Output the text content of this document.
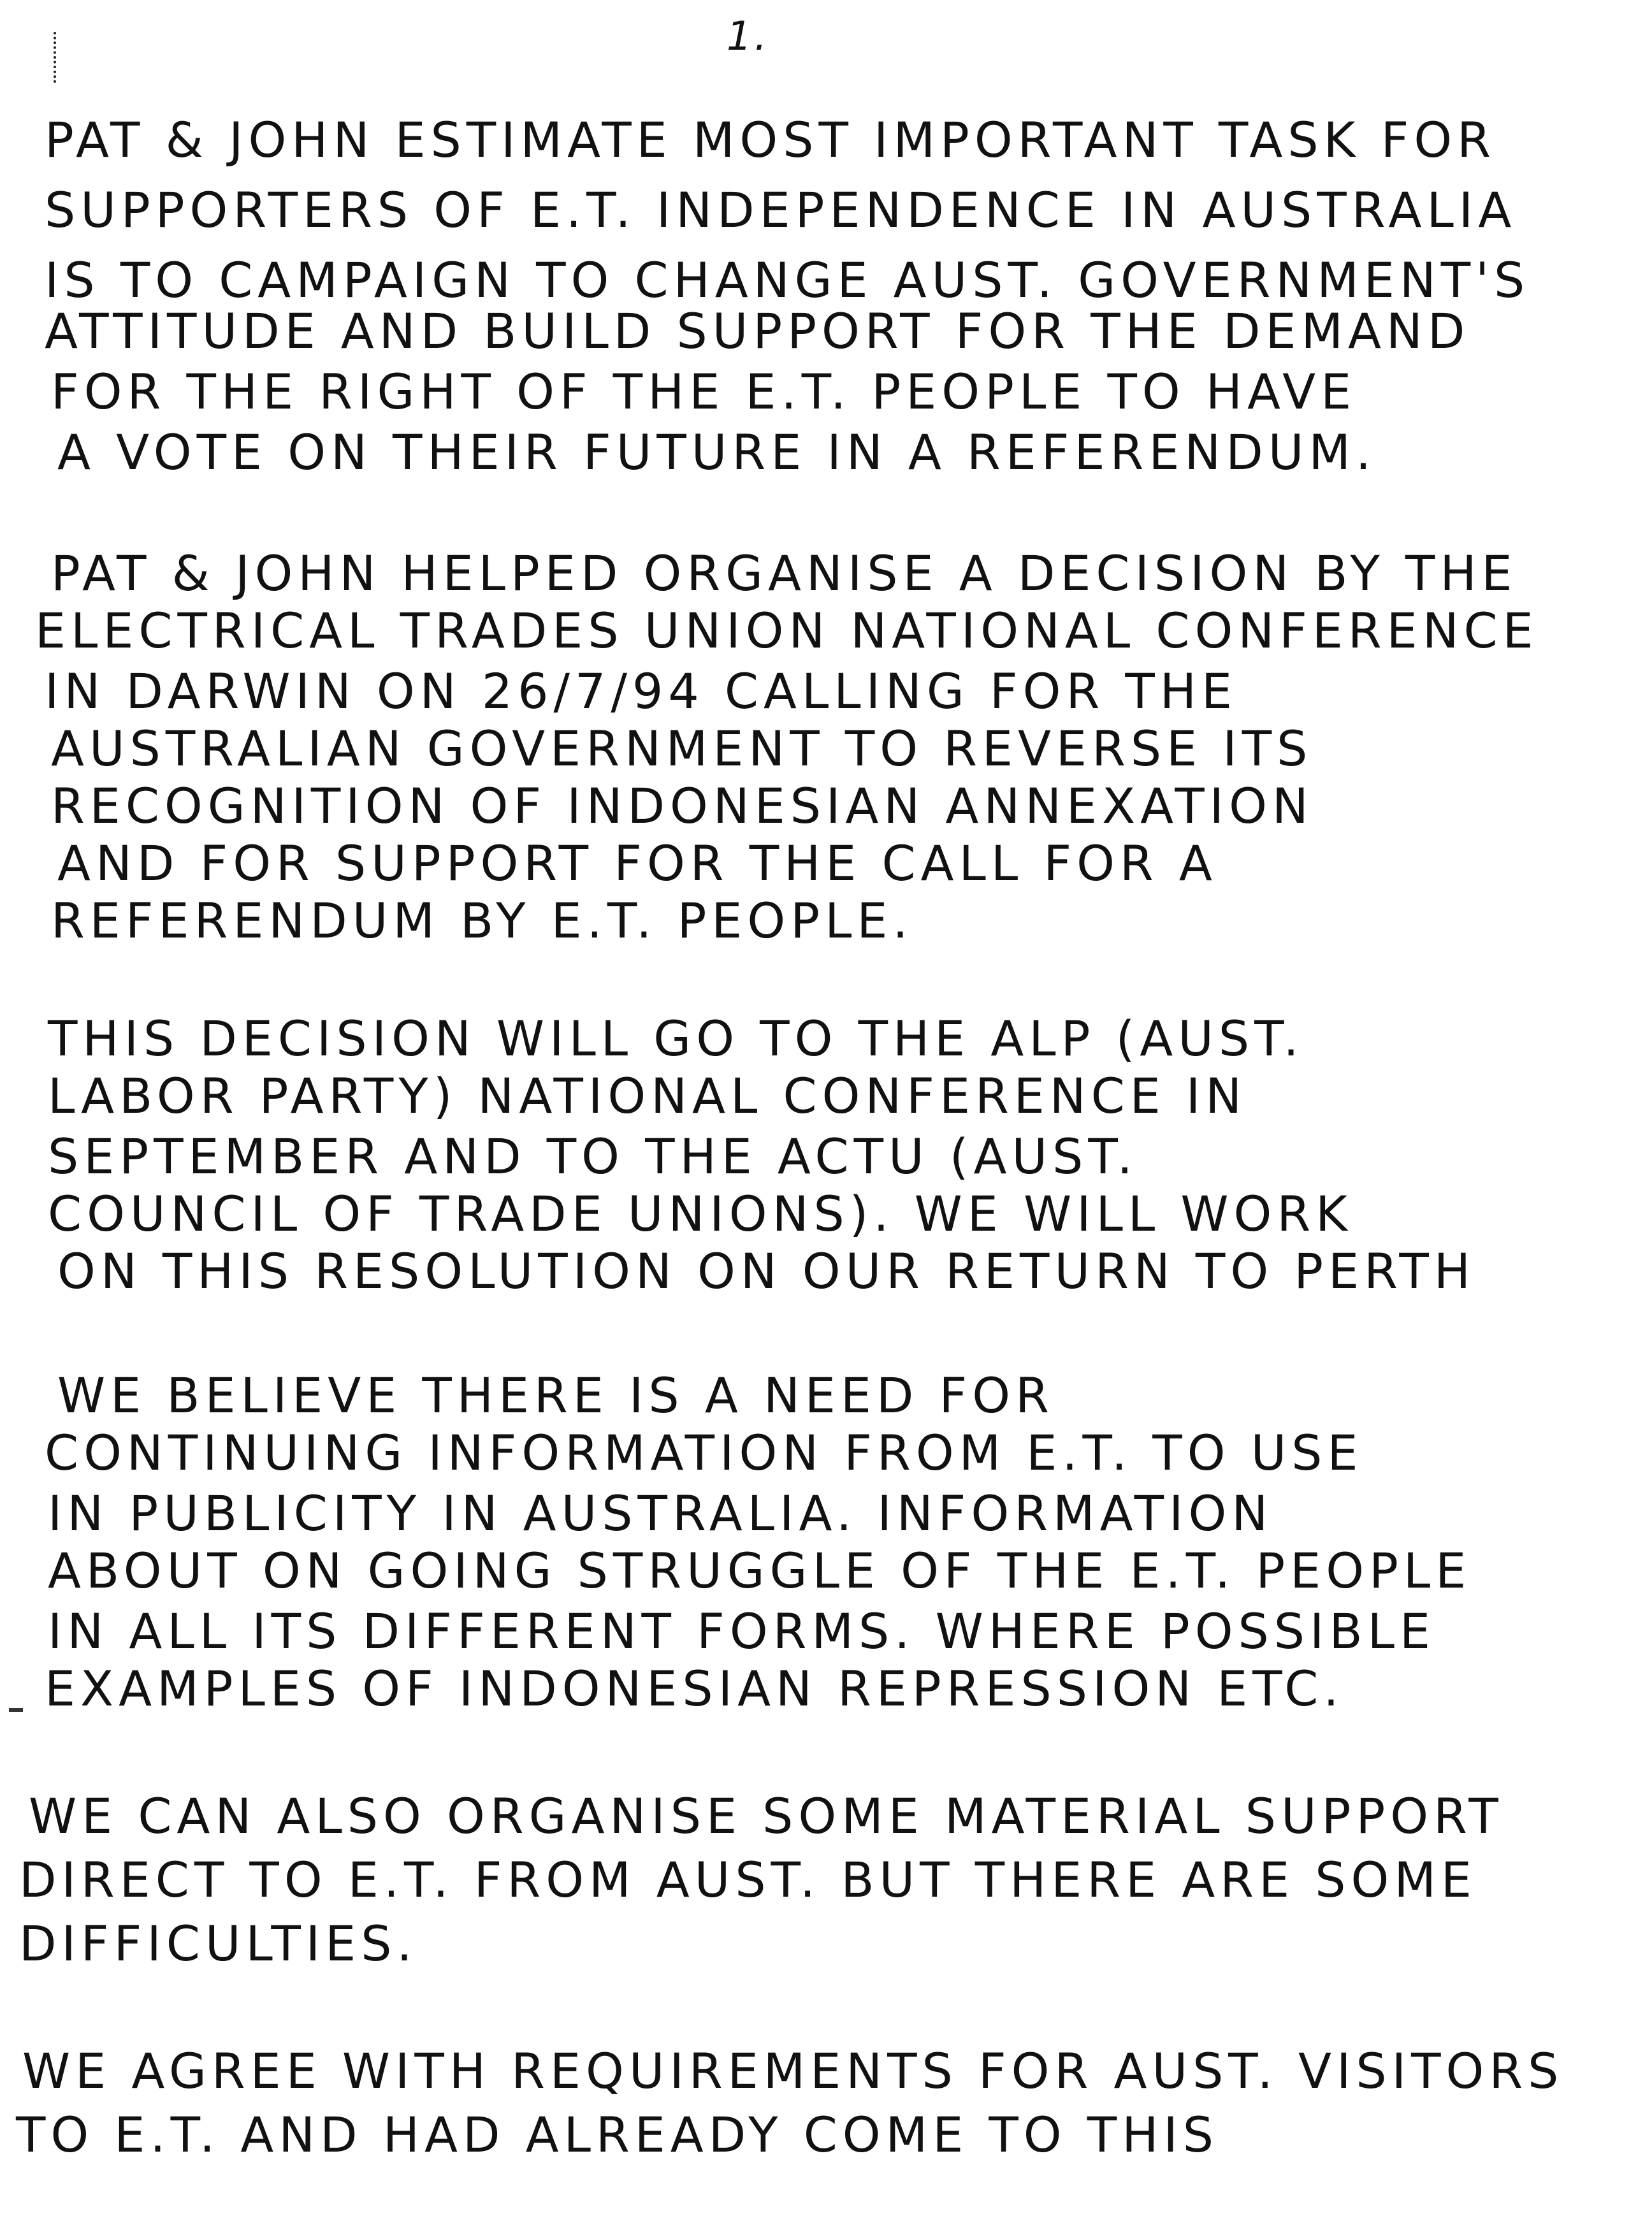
1.
PAT & JOHN ESTIMATE MOST IMPORTANT TASK FOR
SUPPORTERS OF E.T. INDEPENDENCE IN AUSTRALIA
IS TO CAMPAIGN TO CHANGE AUST. GOVERNMENT'S
ATTITUDE AND BUILD SUPPORT FOR THE DEMAND
FOR THE RIGHT OF THE E.T. PEOPLE TO HAVE
A VOTE ON THEIR FUTURE IN A REFERENDUM.
PAT & JOHN HELPED ORGANISE A DECISION BY THE
ELECTRICAL TRADES UNION NATIONAL CONFERENCE
IN DARWIN ON 26/7/94 CALLING FOR THE
AUSTRALIAN GOVERNMENT TO REVERSE ITS
RECOGNITION OF INDONESIAN ANNEXATION
AND FOR SUPPORT FOR THE CALL FOR A
REFERENDUM BY E.T. PEOPLE.
THIS DECISION WILL GO TO THE ALP (AUST.
LABOR PARTY) NATIONAL CONFERENCE IN
SEPTEMBER AND TO THE ACTU (AUST.
COUNCIL OF TRADE UNIONS). WE WILL WORK
ON THIS RESOLUTION ON OUR RETURN TO PERTH
WE BELIEVE THERE IS A NEED FOR
CONTINUING INFORMATION FROM E.T. TO USE
IN PUBLICITY IN AUSTRALIA. INFORMATION
ABOUT ON GOING STRUGGLE OF THE E.T. PEOPLE
IN ALL ITS DIFFERENT FORMS. WHERE POSSIBLE
EXAMPLES OF INDONESIAN REPRESSION ETC.
WE CAN ALSO ORGANISE SOME MATERIAL SUPPORT
DIRECT TO E.T. FROM AUST. BUT THERE ARE SOME
DIFFICULTIES.
WE AGREE WITH REQUIREMENTS FOR AUST. VISITORS
TO E.T. AND HAD ALREADY COME TO THIS
